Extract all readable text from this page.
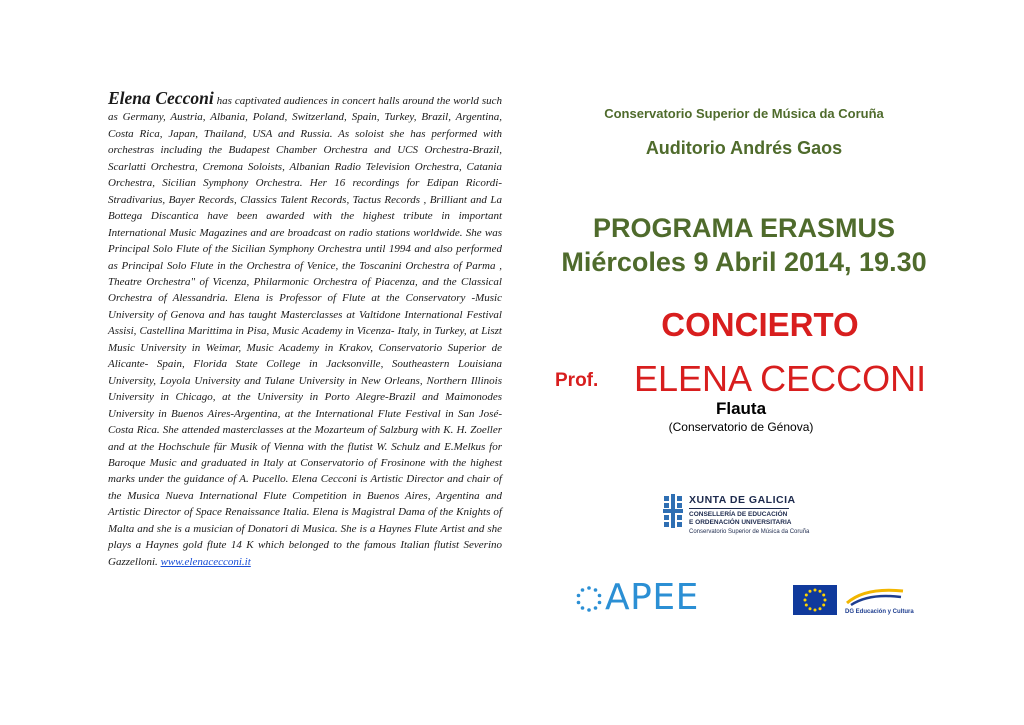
Elena Cecconi has captivated audiences in concert halls around the world such as Germany, Austria, Albania, Poland, Switzerland, Spain, Turkey, Brazil, Argentina, Costa Rica, Japan, Thailand, USA and Russia. As soloist she has performed with orchestras including the Budapest Chamber Orchestra and UCS Orchestra-Brazil, Scarlatti Orchestra, Cremona Soloists, Albanian Radio Television Orchestra, Catania Orchestra, Sicilian Symphony Orchestra. Her 16 recordings for Edipan Ricordi-Stradivarius, Bayer Records, Classics Talent Records, Tactus Records , Brilliant and La Bottega Discantica have been awarded with the highest tribute in important International Music Magazines and are broadcast on radio stations worldwide. She was Principal Solo Flute of the Sicilian Symphony Orchestra until 1994 and also performed as Principal Solo Flute in the Orchestra of Venice, the Toscanini Orchestra of Parma , Theatre Orchestra" of Vicenza, Philarmonic Orchestra of Piacenza, and the Classical Orchestra of Alessandria. Elena is Professor of Flute at the Conservatory -Music University of Genova and has taught Masterclasses at Valtidone International Festival Assisi, Castellina Marittima in Pisa, Music Academy in Vicenza- Italy, in Turkey, at Liszt Music University in Weimar, Music Academy in Krakov, Conservatorio Superior de Alicante- Spain, Florida State College in Jacksonville, Southeastern Louisiana University, Loyola University and Tulane University in New Orleans, Northern Illinois University in Chicago, at the University in Porto Alegre-Brazil and Maimonodes University in Buenos Aires-Argentina, at the International Flute Festival in San José- Costa Rica. She attended masterclasses at the Mozarteum of Salzburg with K. H. Zoeller and at the Hochschule für Musik of Vienna with the flutist W. Schulz and E.Melkus for Baroque Music and graduated in Italy at Conservatorio of Frosinone with the highest marks under the guidance of A. Pucello. Elena Cecconi is Artistic Director and chair of the Musica Nueva International Flute Competition in Buenos Aires, Argentina and Artistic Director of Space Renaissance Italia. Elena is Magistral Dama of the Knights of Malta and she is a musician of Donatori di Musica. She is a Haynes Flute Artist and she plays a Haynes gold flute 14 K which belonged to the famous Italian flutist Severino Gazzelloni. www.elenacecconi.it
Conservatorio Superior de Música da Coruña
Auditorio Andrés Gaos
PROGRAMA ERASMUS
Miércoles 9 Abril 2014, 19.30
CONCIERTO
Prof. ELENA CECCONI
Flauta
(Conservatorio de Génova)
XUNTA DE GALICIA
CONSELLERÍA DE EDUCACIÓN
E ORDENACIÓN UNIVERSITARIA
Conservatorio Superior de Música da Coruña
APEE	DG Educación y Cultura
